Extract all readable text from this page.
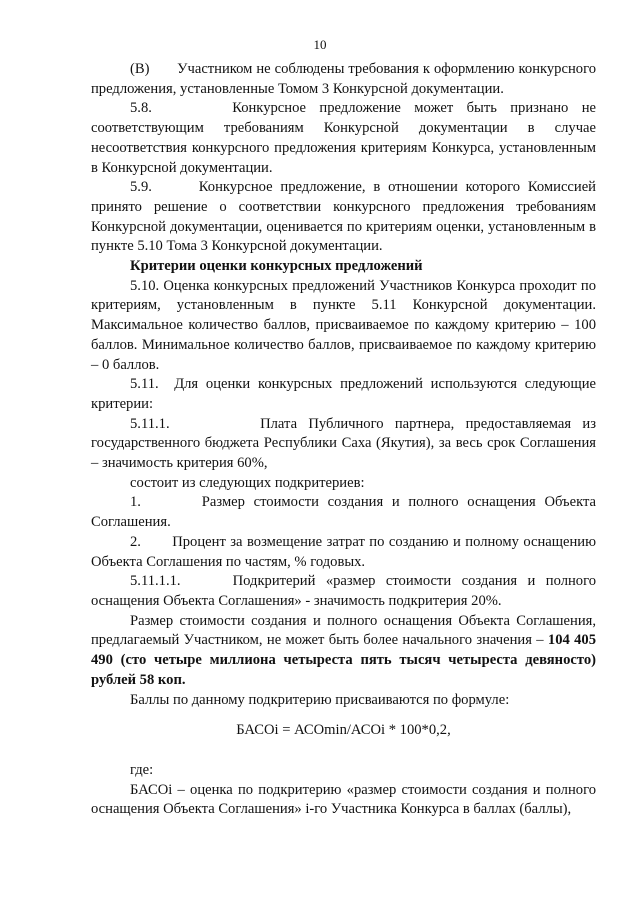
10

(В)       Участником не соблюдены требования к оформлению конкурсного предложения, установленные Томом 3 Конкурсной документации.

5.8.      Конкурсное предложение может быть признано не соответствующим требованиям Конкурсной документации в случае несоответствия конкурсного предложения критериям Конкурса, установленным в Конкурсной документации.

5.9.      Конкурсное предложение, в отношении которого Комиссией принято решение о соответствии конкурсного предложения требованиям Конкурсной документации, оценивается по критериям оценки, установленным в пункте 5.10 Тома 3 Конкурсной документации.

Критерии оценки конкурсных предложений

5.10. Оценка конкурсных предложений Участников Конкурса проходит по критериям, установленным в пункте 5.11 Конкурсной документации. Максимальное количество баллов, присваиваемое по каждому критерию – 100 баллов. Минимальное количество баллов, присваиваемое по каждому критерию – 0 баллов.

5.11.  Для оценки конкурсных предложений используются следующие критерии:

5.11.1.        Плата Публичного партнера, предоставляемая из государственного бюджета Республики Саха (Якутия), за весь срок Соглашения – значимость критерия 60%,

состоит из следующих подкритериев:

1.       Размер стоимости создания и полного оснащения Объекта Соглашения.

2.       Процент за возмещение затрат по созданию и полному оснащению Объекта Соглашения по частям, % годовых.

5.11.1.1.     Подкритерий «размер стоимости создания и полного оснащения Объекта Соглашения» - значимость подкритерия 20%.

Размер стоимости создания и полного оснащения Объекта Соглашения, предлагаемый Участником, не может быть более начального значения – 104 405 490 (сто четыре миллиона четыреста пять тысяч четыреста девяносто) рублей 58 коп.

Баллы по данному подкритерию присваиваются по формуле:

БАСОi = АСОmin/АСОi * 100*0,2,

где:

БАСОi – оценка по подкритерию «размер стоимости создания и полного оснащения Объекта Соглашения» i-го Участника Конкурса в баллах (баллы),
